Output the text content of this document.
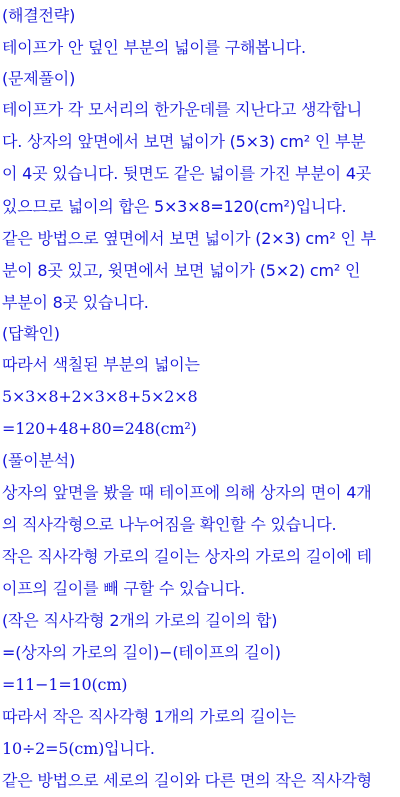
(해결전략)
테이프가 안 덮인 부분의 넓이를 구해봅니다.
(문제풀이)
테이프가 각 모서리의 한가운데를 지난다고 생각합니
다. 상자의 앞면에서 보면 넓이가 (5×3) cm² 인 부분
이 4곳 있습니다. 뒷면도 같은 넓이를 가진 부분이 4곳
있으므로 넓이의 합은 5×3×8=120(cm²)입니다.
같은 방법으로 옆면에서 보면 넓이가 (2×3) cm² 인 부
분이 8곳 있고, 윗면에서 보면 넓이가 (5×2) cm² 인
부분이 8곳 있습니다.
(답확인)
따라서 색칠된 부분의 넓이는
5×3×8+2×3×8+5×2×8
=120+48+80=248(cm²)
(풀이분석)
상자의 앞면을 봤을 때 테이프에 의해 상자의 면이 4개
의 직사각형으로 나누어짐을 확인할 수 있습니다.
작은 직사각형 가로의 길이는 상자의 가로의 길이에 테
이프의 길이를 빼 구할 수 있습니다.
(작은 직사각형 2개의 가로의 길이의 합)
=(상자의 가로의 길이)−(테이프의 길이)
=11−1=10(cm)
따라서 작은 직사각형 1개의 가로의 길이는
10÷2=5(cm)입니다.
같은 방법으로 세로의 길이와 다른 면의 작은 직사각형
